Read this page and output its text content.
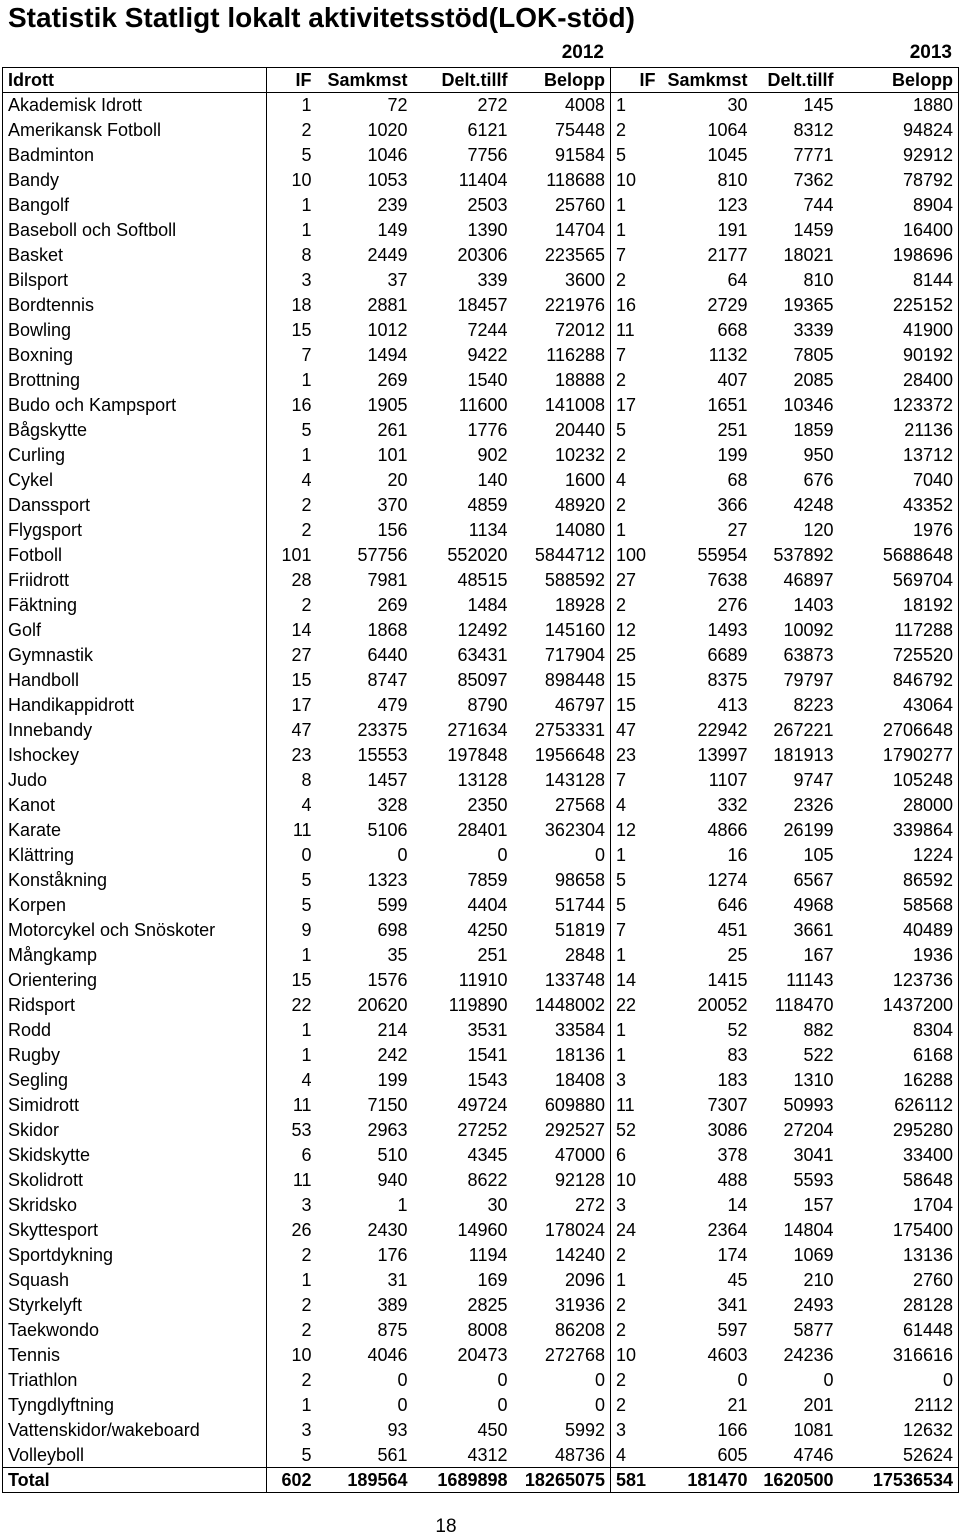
Statistik Statligt lokalt aktivitetsstöd(LOK-stöd)
2012	2013
Idrott	IF	Samkmst	Delt.tillf	Belopp	IF	Samkmst	Delt.tillf	Belopp
Akademisk Idrott	1	72	272	4008	1	30	145	1880
Amerikansk Fotboll	2	1020	6121	75448	2	1064	8312	94824
Badminton	5	1046	7756	91584	5	1045	7771	92912
Bandy	10	1053	11404	118688	10	810	7362	78792
Bangolf	1	239	2503	25760	1	123	744	8904
Baseboll och Softboll	1	149	1390	14704	1	191	1459	16400
Basket	8	2449	20306	223565	7	2177	18021	198696
Bilsport	3	37	339	3600	2	64	810	8144
Bordtennis	18	2881	18457	221976	16	2729	19365	225152
Bowling	15	1012	7244	72012	11	668	3339	41900
Boxning	7	1494	9422	116288	7	1132	7805	90192
Brottning	1	269	1540	18888	2	407	2085	28400
Budo och Kampsport	16	1905	11600	141008	17	1651	10346	123372
Bågskytte	5	261	1776	20440	5	251	1859	21136
Curling	1	101	902	10232	2	199	950	13712
Cykel	4	20	140	1600	4	68	676	7040
Danssport	2	370	4859	48920	2	366	4248	43352
Flygsport	2	156	1134	14080	1	27	120	1976
Fotboll	101	57756	552020	5844712	100	55954	537892	5688648
Friidrott	28	7981	48515	588592	27	7638	46897	569704
Fäktning	2	269	1484	18928	2	276	1403	18192
Golf	14	1868	12492	145160	12	1493	10092	117288
Gymnastik	27	6440	63431	717904	25	6689	63873	725520
Handboll	15	8747	85097	898448	15	8375	79797	846792
Handikappidrott	17	479	8790	46797	15	413	8223	43064
Innebandy	47	23375	271634	2753331	47	22942	267221	2706648
Ishockey	23	15553	197848	1956648	23	13997	181913	1790277
Judo	8	1457	13128	143128	7	1107	9747	105248
Kanot	4	328	2350	27568	4	332	2326	28000
Karate	11	5106	28401	362304	12	4866	26199	339864
Klättring	0	0	0	0	1	16	105	1224
Konståkning	5	1323	7859	98658	5	1274	6567	86592
Korpen	5	599	4404	51744	5	646	4968	58568
Motorcykel och Snöskoter	9	698	4250	51819	7	451	3661	40489
Mångkamp	1	35	251	2848	1	25	167	1936
Orientering	15	1576	11910	133748	14	1415	11143	123736
Ridsport	22	20620	119890	1448002	22	20052	118470	1437200
Rodd	1	214	3531	33584	1	52	882	8304
Rugby	1	242	1541	18136	1	83	522	6168
Segling	4	199	1543	18408	3	183	1310	16288
Simidrott	11	7150	49724	609880	11	7307	50993	626112
Skidor	53	2963	27252	292527	52	3086	27204	295280
Skidskytte	6	510	4345	47000	6	378	3041	33400
Skolidrott	11	940	8622	92128	10	488	5593	58648
Skridsko	3	1	30	272	3	14	157	1704
Skyttesport	26	2430	14960	178024	24	2364	14804	175400
Sportdykning	2	176	1194	14240	2	174	1069	13136
Squash	1	31	169	2096	1	45	210	2760
Styrkelyft	2	389	2825	31936	2	341	2493	28128
Taekwondo	2	875	8008	86208	2	597	5877	61448
Tennis	10	4046	20473	272768	10	4603	24236	316616
Triathlon	2	0	0	0	2	0	0	0
Tyngdlyftning	1	0	0	0	2	21	201	2112
Vattenskidor/wakeboard	3	93	450	5992	3	166	1081	12632
Volleyboll	5	561	4312	48736	4	605	4746	52624
Total	602	189564	1689898	18265075	581	181470	1620500	17536534
18
